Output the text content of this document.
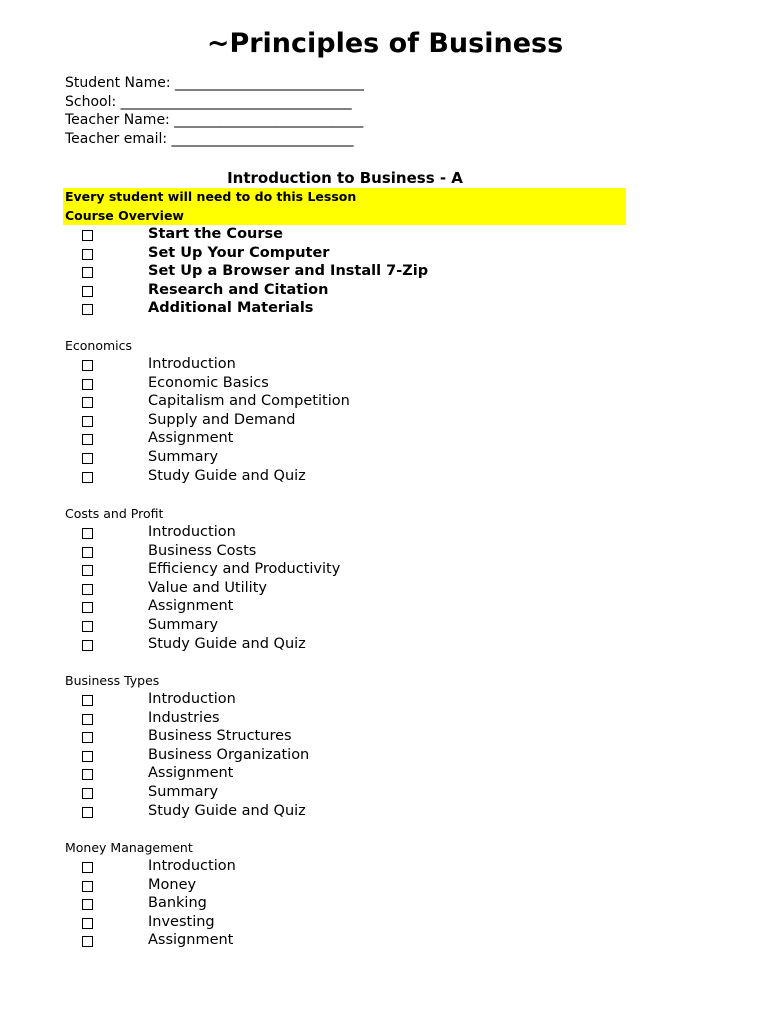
~Principles of Business
Student Name: ___________________________
School: _________________________________
Teacher Name: ___________________________
Teacher email: __________________________
Introduction to Business - A
Every student will need to do this Lesson
Course Overview
Start the Course
Set Up Your Computer
Set Up a Browser and Install 7-Zip
Research and Citation
Additional Materials
Economics
Introduction
Economic Basics
Capitalism and Competition
Supply and Demand
Assignment
Summary
Study Guide and Quiz
Costs and Profit
Introduction
Business Costs
Efficiency and Productivity
Value and Utility
Assignment
Summary
Study Guide and Quiz
Business Types
Introduction
Industries
Business Structures
Business Organization
Assignment
Summary
Study Guide and Quiz
Money Management
Introduction
Money
Banking
Investing
Assignment
